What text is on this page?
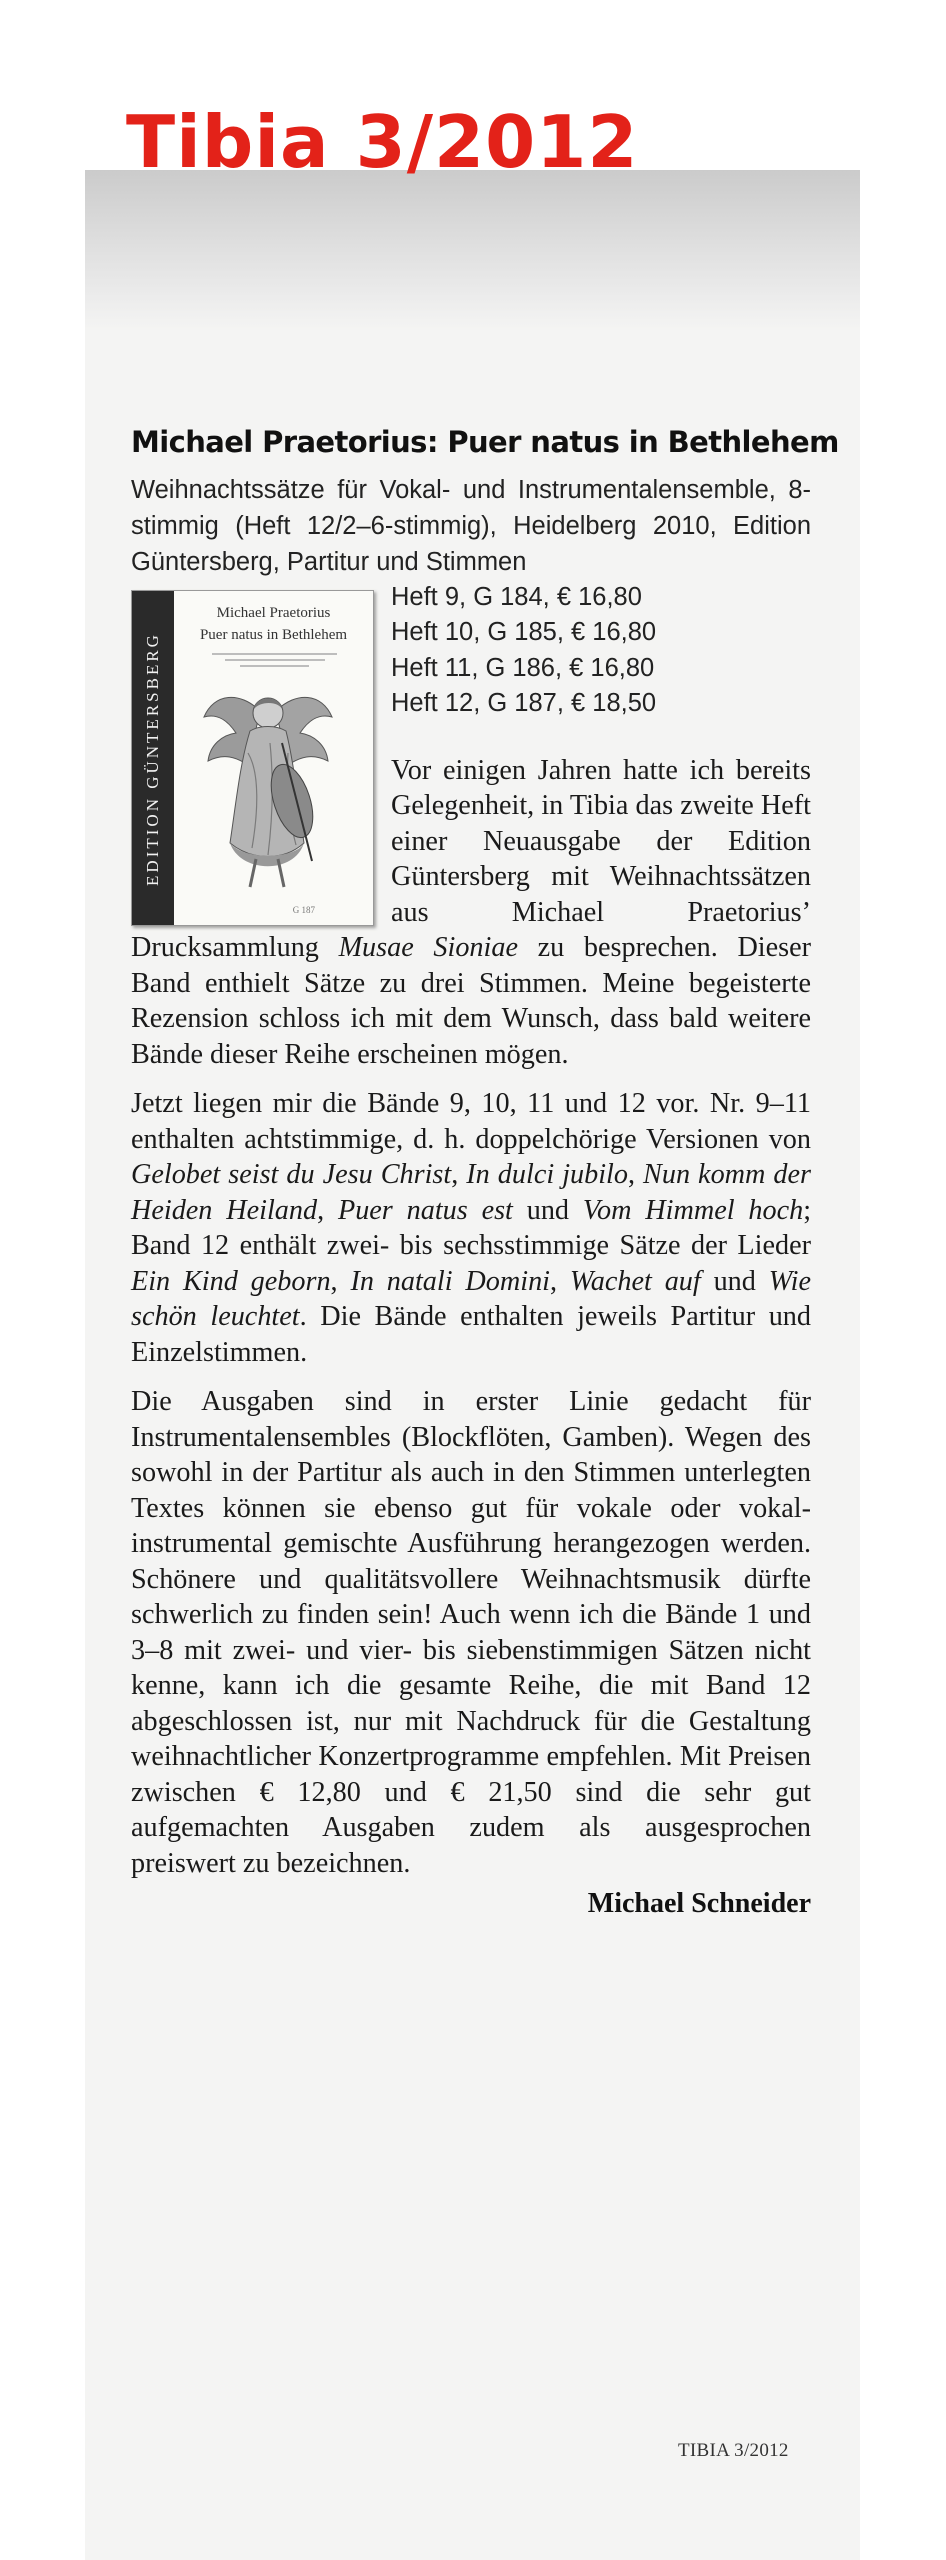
Tibia 3/2012
Michael Praetorius: Puer natus in Bethlehem

Weihnachtssätze für Vokal- und Instrumentalensemble, 8-stimmig (Heft 12/2–6-stimmig), Heidelberg 2010, Edition Güntersberg, Partitur und Stimmen

EDITION GÜNTERSBERG
Michael Praetorius
Puer natus in Bethlehem
G 187
Heft 9, G 184, € 16,80
Heft 10, G 185, € 16,80
Heft 11, G 186, € 16,80
Heft 12, G 187, € 18,50

Vor einigen Jahren hatte ich bereits Gelegenheit, in Tibia das zweite Heft einer Neuausgabe der Edition Güntersberg mit Weihnachtssätzen aus Michael Praetorius’ Drucksammlung Musae Sioniae zu besprechen. Dieser Band enthielt Sätze zu drei Stimmen. Meine begeisterte Rezension schloss ich mit dem Wunsch, dass bald weitere Bände dieser Reihe erscheinen mögen.

Jetzt liegen mir die Bände 9, 10, 11 und 12 vor. Nr. 9–11 enthalten achtstimmige, d. h. doppelchörige Versionen von Gelobet seist du Jesu Christ, In dulci jubilo, Nun komm der Heiden Heiland, Puer natus est und Vom Himmel hoch; Band 12 enthält zwei- bis sechsstimmige Sätze der Lieder Ein Kind geborn, In natali Domini, Wachet auf und Wie schön leuchtet. Die Bände enthalten jeweils Partitur und Einzelstimmen.

Die Ausgaben sind in erster Linie gedacht für Instrumentalensembles (Blockflöten, Gamben). Wegen des sowohl in der Partitur als auch in den Stimmen unterlegten Textes können sie ebenso gut für vokale oder vokal-instrumental gemischte Ausführung herangezogen werden. Schönere und qualitätsvollere Weihnachtsmusik dürfte schwerlich zu finden sein! Auch wenn ich die Bände 1 und 3–8 mit zwei- und vier- bis siebenstimmigen Sätzen nicht kenne, kann ich die gesamte Reihe, die mit Band 12 abgeschlossen ist, nur mit Nachdruck für die Gestaltung weihnachtlicher Konzertprogramme empfehlen. Mit Preisen zwischen € 12,80 und € 21,50 sind die sehr gut aufgemachten Ausgaben zudem als ausgesprochen preiswert zu bezeichnen.

Michael Schneider
TIBIA 3/2012
